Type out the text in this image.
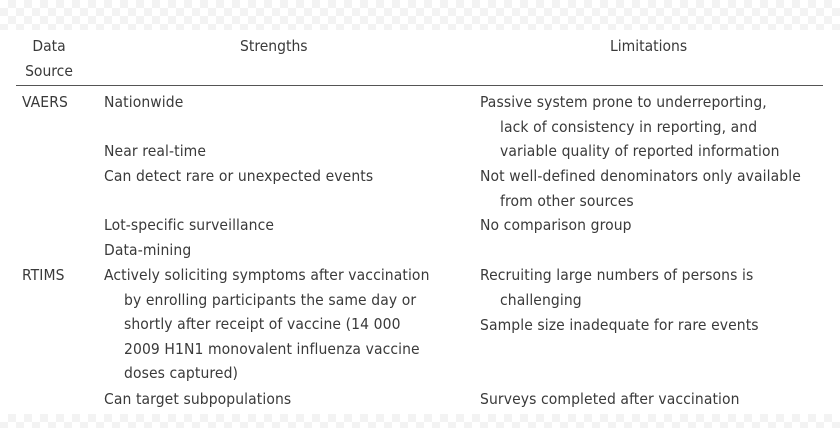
Data
Source
Strengths	Limitations
VAERS Nationwide
Near real-time
Can detect rare or unexpected events
Lot-specific surveillance
Data-mining
Passive system prone to underreporting,
lack of consistency in reporting, and
variable quality of reported information
Not well-defined denominators only available
from other sources
No comparison group
RTIMS	Actively soliciting symptoms after vaccination
by enrolling participants the same day or
shortly after receipt of vaccine (14 000
2009 H1N1 monovalent influenza vaccine
doses captured)
Can target subpopulations
Recruiting large numbers of persons is
challenging
Sample size inadequate for rare events
Surveys completed after vaccination
